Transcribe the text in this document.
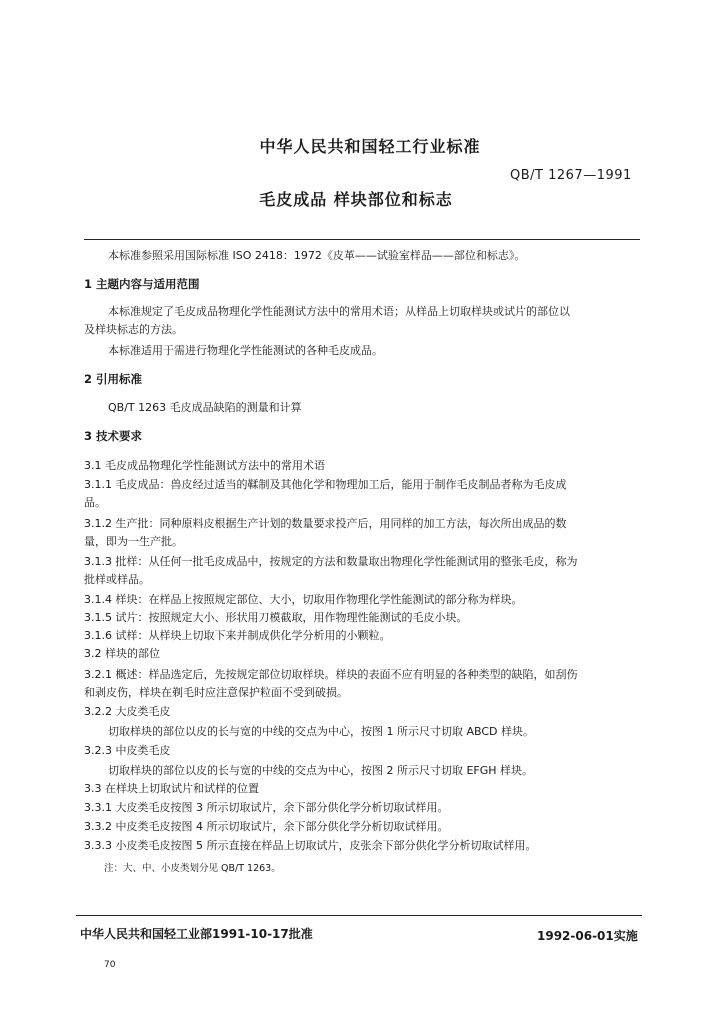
中华人民共和国轻工行业标准
QB/T 1267—1991
毛皮成品 样块部位和标志
本标准参照采用国际标准 ISO 2418：1972《皮革——试验室样品——部位和标志》。
1 主题内容与适用范围
本标准规定了毛皮成品物理化学性能测试方法中的常用术语；从样品上切取样块或试片的部位以
及样块标志的方法。
本标准适用于需进行物理化学性能测试的各种毛皮成品。
2 引用标准
QB/T 1263 毛皮成品缺陷的测量和计算
3 技术要求
3.1 毛皮成品物理化学性能测试方法中的常用术语
3.1.1 毛皮成品：兽皮经过适当的鞣制及其他化学和物理加工后，能用于制作毛皮制品者称为毛皮成
品。
3.1.2 生产批：同种原料皮根据生产计划的数量要求投产后，用同样的加工方法，每次所出成品的数
量，即为一生产批。
3.1.3 批样：从任何一批毛皮成品中，按规定的方法和数量取出物理化学性能测试用的整张毛皮，称为
批样或样品。
3.1.4 样块：在样品上按照规定部位、大小，切取用作物理化学性能测试的部分称为样块。
3.1.5 试片：按照规定大小、形状用刀模截取，用作物理性能测试的毛皮小块。
3.1.6 试样：从样块上切取下来并制成供化学分析用的小颗粒。
3.2 样块的部位
3.2.1 概述：样品选定后，先按规定部位切取样块。样块的表面不应有明显的各种类型的缺陷，如刮伤
和剥皮伤，样块在剃毛时应注意保护粒面不受到破损。
3.2.2 大皮类毛皮
切取样块的部位以皮的长与宽的中线的交点为中心，按图 1 所示尺寸切取 ABCD 样块。
3.2.3 中皮类毛皮
切取样块的部位以皮的长与宽的中线的交点为中心，按图 2 所示尺寸切取 EFGH 样块。
3.3 在样块上切取试片和试样的位置
3.3.1 大皮类毛皮按图 3 所示切取试片，余下部分供化学分析切取试样用。
3.3.2 中皮类毛皮按图 4 所示切取试片，余下部分供化学分析切取试样用。
3.3.3 小皮类毛皮按图 5 所示直接在样品上切取试片，皮张余下部分供化学分析切取试样用。
注：大、中、小皮类划分见 QB/T 1263。
中华人民共和国轻工业部1991-10-17批准	1992-06-01实施
70
